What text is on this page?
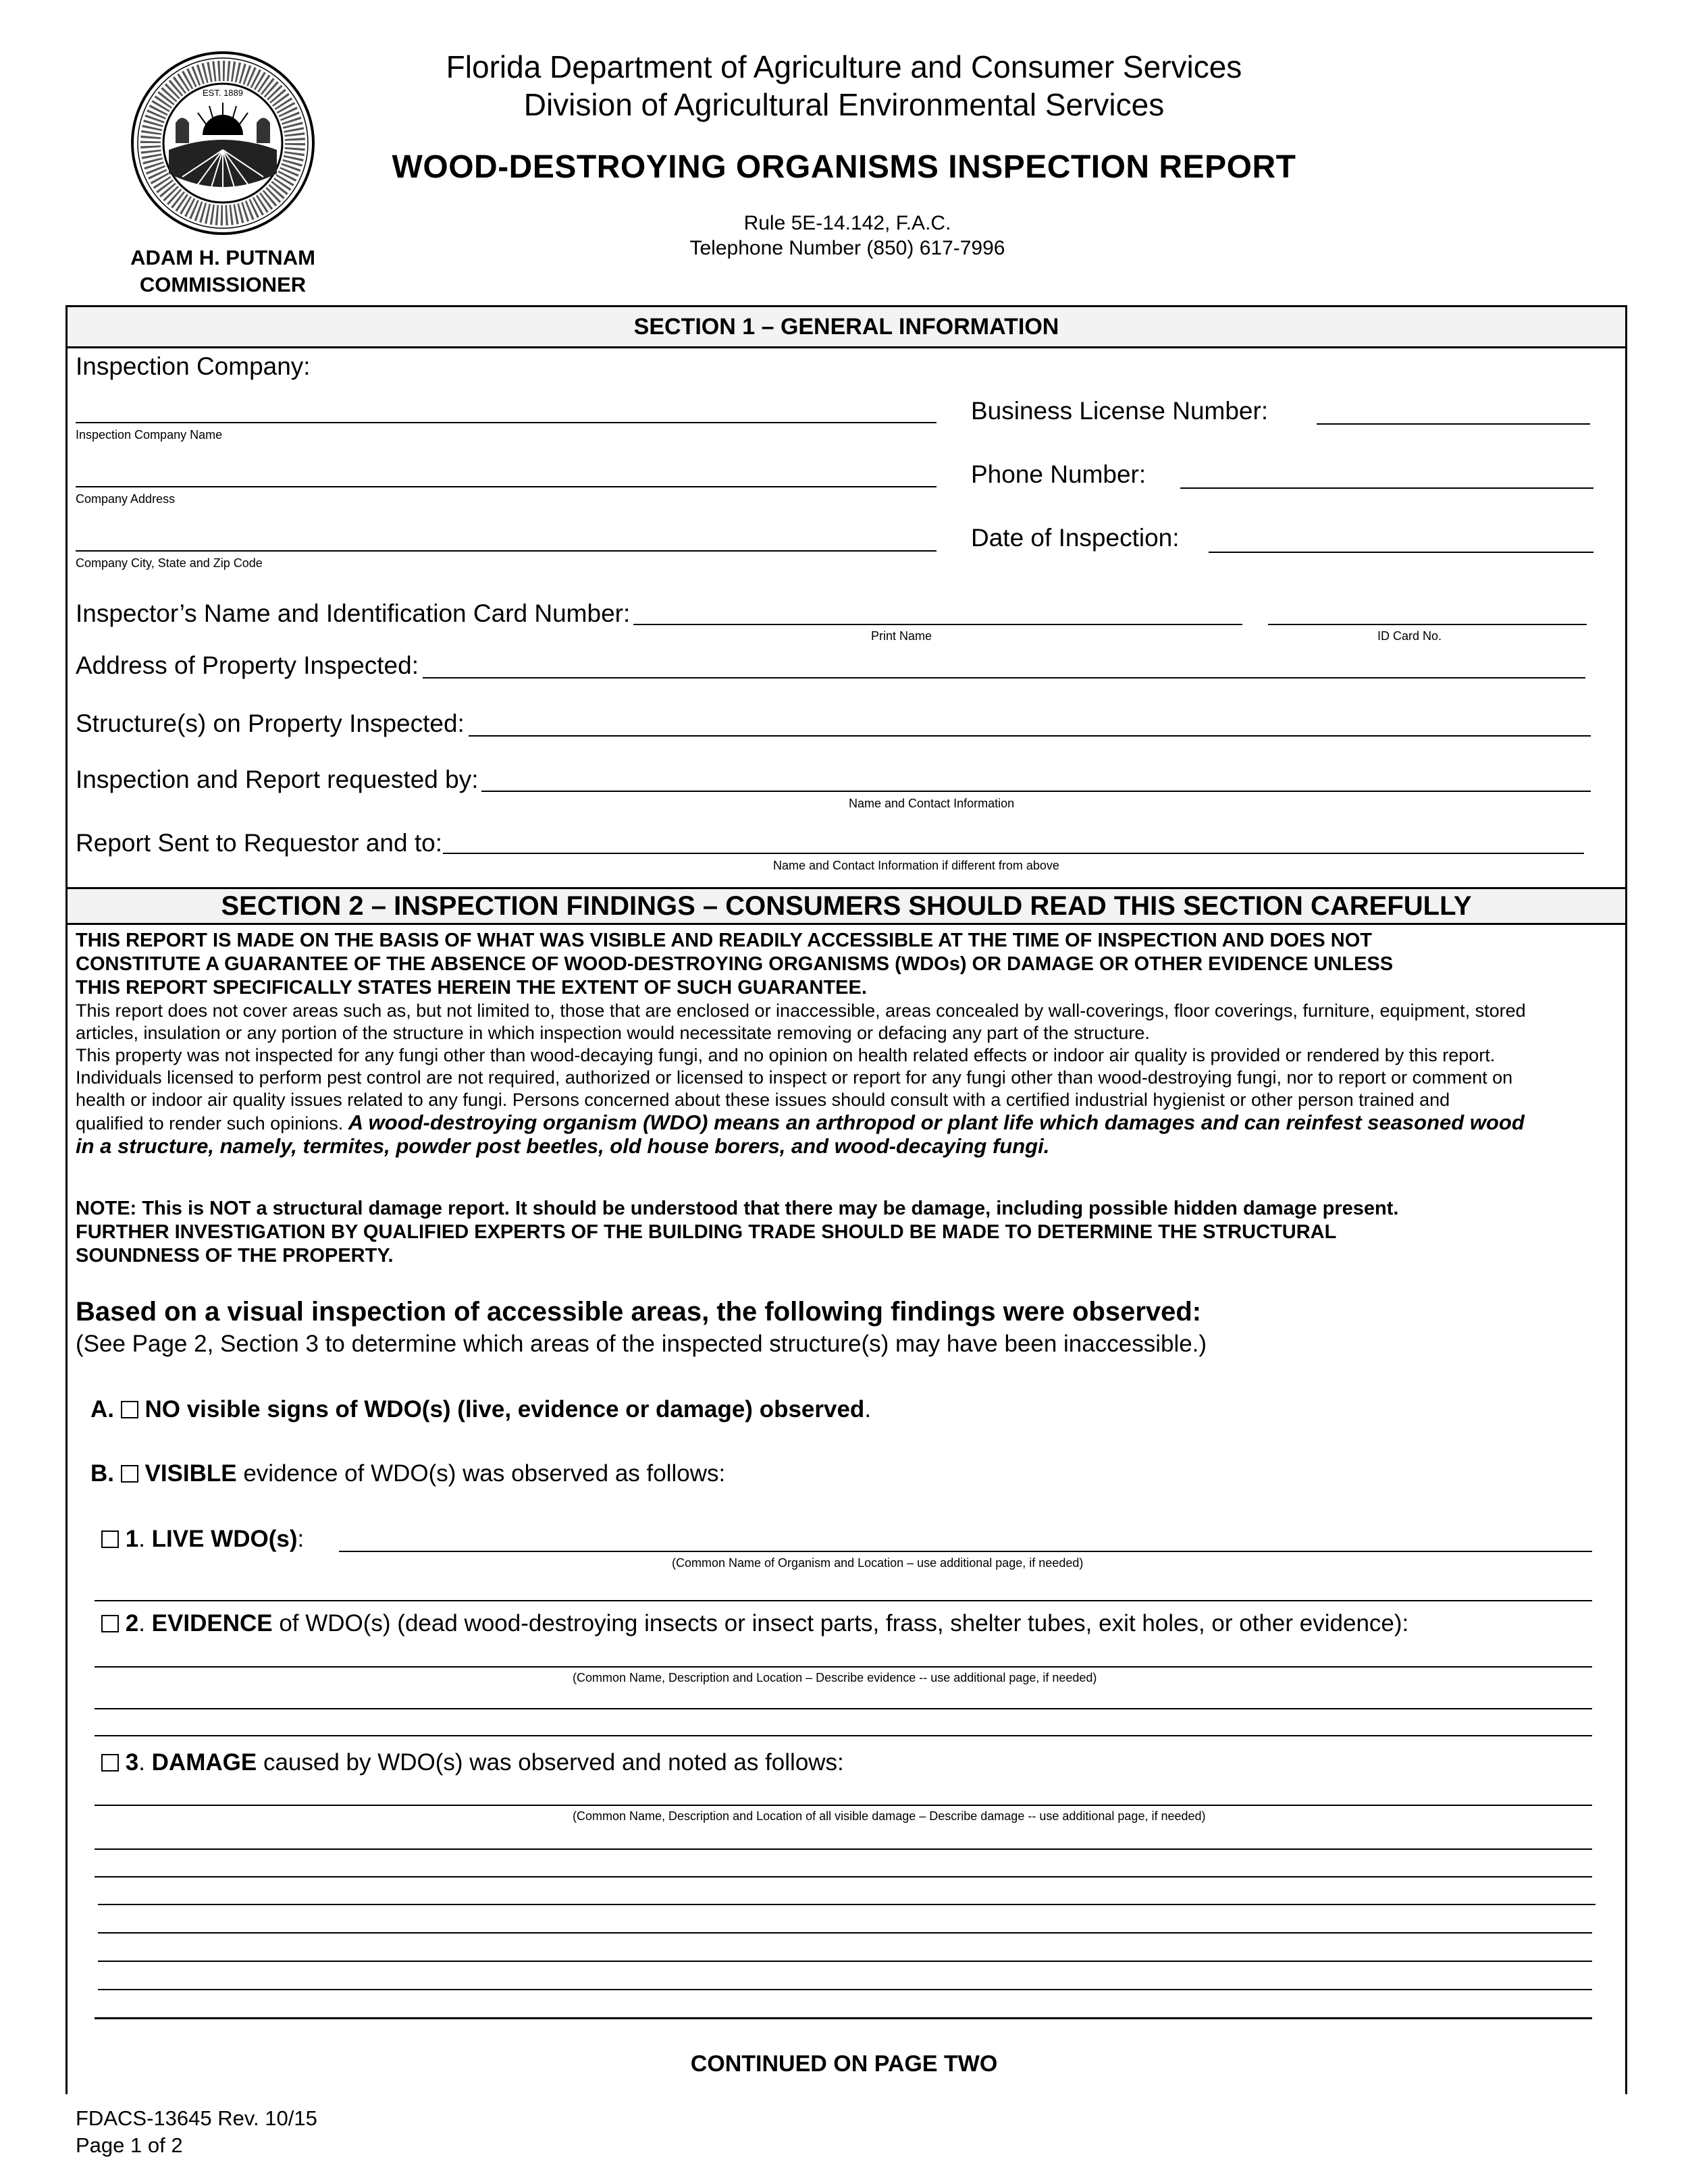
EST. 1889
Florida Department of Agriculture and Consumer Services
Division of Agricultural Environmental Services
WOOD-DESTROYING ORGANISMS INSPECTION REPORT
Rule 5E-14.142, F.A.C.
Telephone Number (850) 617-7996
ADAM H. PUTNAM
COMMISSIONER
SECTION 1 – GENERAL INFORMATION
Inspection Company:
Inspection Company Name
Business License Number:
Company Address
Phone Number:
Company City, State and Zip Code
Date of Inspection:
Inspector’s Name and Identification Card Number:
Print Name	ID Card No.
Address of Property Inspected:
Structure(s) on Property Inspected:
Inspection and Report requested by:
Name and Contact Information
Report Sent to Requestor and to:
Name and Contact Information if different from above
SECTION 2 – INSPECTION FINDINGS – CONSUMERS SHOULD READ THIS SECTION CAREFULLY
THIS REPORT IS MADE ON THE BASIS OF WHAT WAS VISIBLE AND READILY ACCESSIBLE AT THE TIME OF INSPECTION AND DOES NOT
CONSTITUTE A GUARANTEE OF THE ABSENCE OF WOOD-DESTROYING ORGANISMS (WDOs) OR DAMAGE OR OTHER EVIDENCE UNLESS
THIS REPORT SPECIFICALLY STATES HEREIN THE EXTENT OF SUCH GUARANTEE.
This report does not cover areas such as, but not limited to, those that are enclosed or inaccessible, areas concealed by wall-coverings, floor coverings, furniture, equipment, stored
articles, insulation or any portion of the structure in which inspection would necessitate removing or defacing any part of the structure.
This property was not inspected for any fungi other than wood-decaying fungi, and no opinion on health related effects or indoor air quality is provided or rendered by this report.
Individuals licensed to perform pest control are not required, authorized or licensed to inspect or report for any fungi other than wood-destroying fungi, nor to report or comment on
health or indoor air quality issues related to any fungi. Persons concerned about these issues should consult with a certified industrial hygienist or other person trained and
qualified to render such opinions. A wood-destroying organism (WDO) means an arthropod or plant life which damages and can reinfest seasoned wood
in a structure, namely, termites, powder post beetles, old house borers, and wood-decaying fungi.
NOTE: This is NOT a structural damage report. It should be understood that there may be damage, including possible hidden damage present.
FURTHER INVESTIGATION BY QUALIFIED EXPERTS OF THE BUILDING TRADE SHOULD BE MADE TO DETERMINE THE STRUCTURAL
SOUNDNESS OF THE PROPERTY.
Based on a visual inspection of accessible areas, the following findings were observed:
(See Page 2, Section 3 to determine which areas of the inspected structure(s) may have been inaccessible.)
A. NO visible signs of WDO(s) (live, evidence or damage) observed.
B. VISIBLE evidence of WDO(s) was observed as follows:
1. LIVE WDO(s):
(Common Name of Organism and Location – use additional page, if needed)
2. EVIDENCE of WDO(s) (dead wood-destroying insects or insect parts, frass, shelter tubes, exit holes, or other evidence):
(Common Name, Description and Location – Describe evidence -- use additional page, if needed)
3. DAMAGE caused by WDO(s) was observed and noted as follows:
(Common Name, Description and Location of all visible damage – Describe damage -- use additional page, if needed)
CONTINUED ON PAGE TWO
FDACS-13645 Rev. 10/15
Page 1 of 2
